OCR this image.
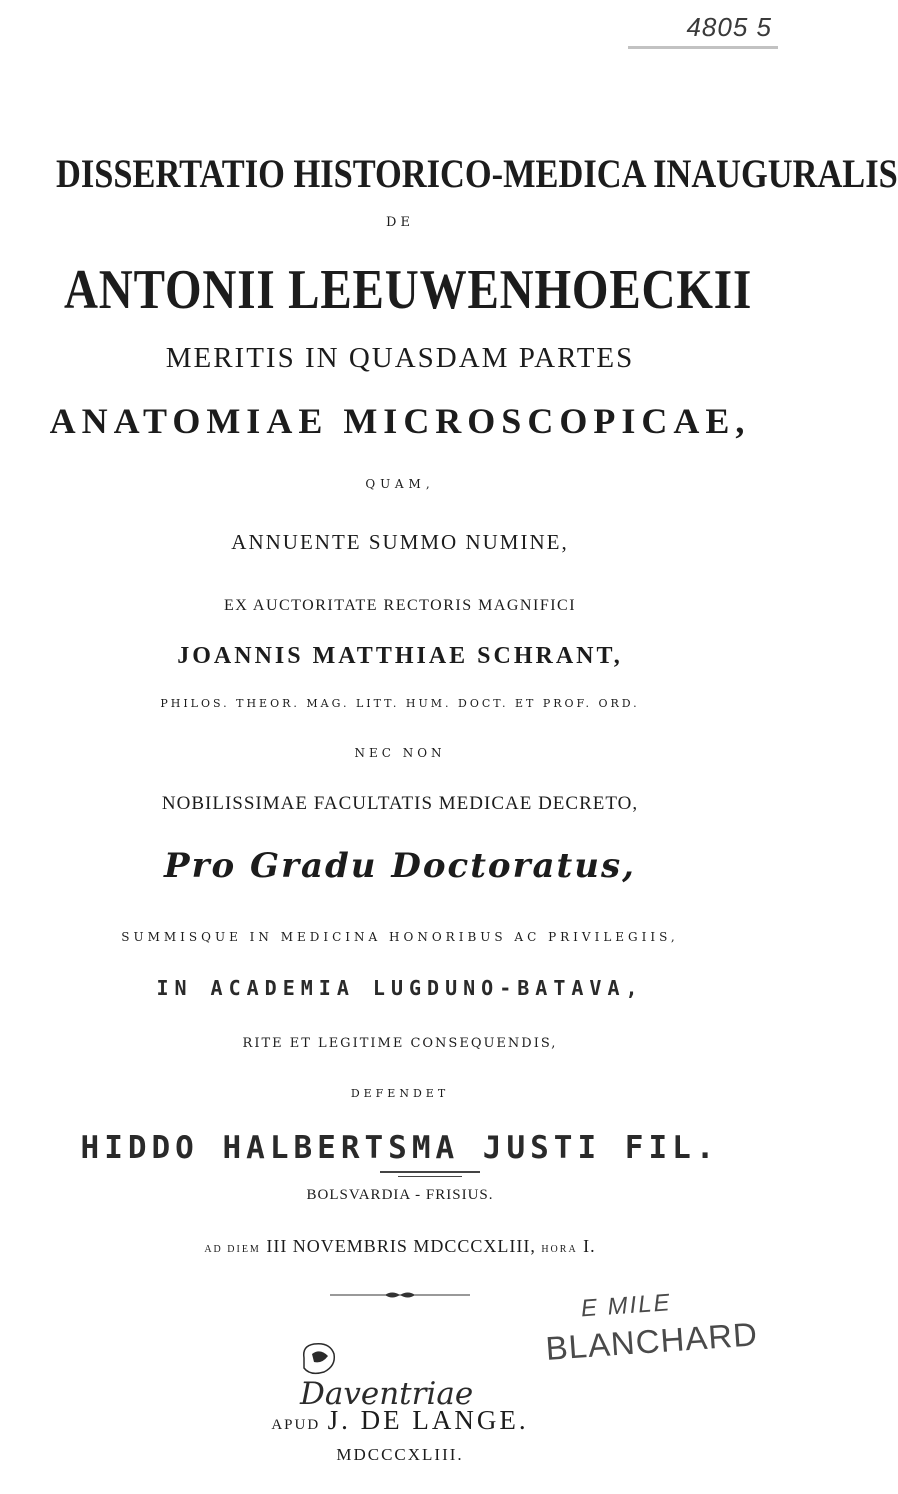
4805 5
DISSERTATIO HISTORICO-MEDICA INAUGURALIS
DE
ANTONII LEEUWENHOECKII
MERITIS IN QUASDAM PARTES
ANATOMIAE MICROSCOPICAE,
QUAM,
ANNUENTE SUMMO NUMINE,
EX AUCTORITATE RECTORIS MAGNIFICI
JOANNIS MATTHIAE SCHRANT,
PHILOS. THEOR. MAG. LITT. HUM. DOCT. ET PROF. ORD.
NEC NON
NOBILISSIMAE FACULTATIS MEDICAE DECRETO,
Pro Gradu Doctoratus,
SUMMISQUE IN MEDICINA HONORIBUS AC PRIVILEGIIS,
IN ACADEMIA LUGDUNO-BATAVA,
RITE ET LEGITIME CONSEQUENDIS,
DEFENDET
HIDDO HALBERTSMA JUSTI FIL.
BOLSVARDIA - FRISIUS.
AD DIEM III NOVEMBRIS MDCCCXLIII, HORA I.
E MILE
BLANCHARD
Daventriae
APUD J. DE LANGE.
MDCCCXLIII.
